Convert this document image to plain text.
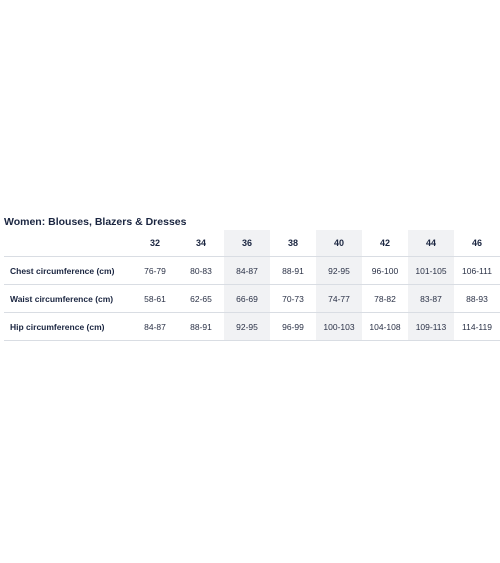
Women: Blouses, Blazers & Dresses
	32	34	36	38	40	42	44	46
Chest circumference (cm)	76-79	80-83	84-87	88-91	92-95	96-100	101-105	106-111
Waist circumference (cm)	58-61	62-65	66-69	70-73	74-77	78-82	83-87	88-93
Hip circumference (cm)	84-87	88-91	92-95	96-99	100-103	104-108	109-113	114-119
